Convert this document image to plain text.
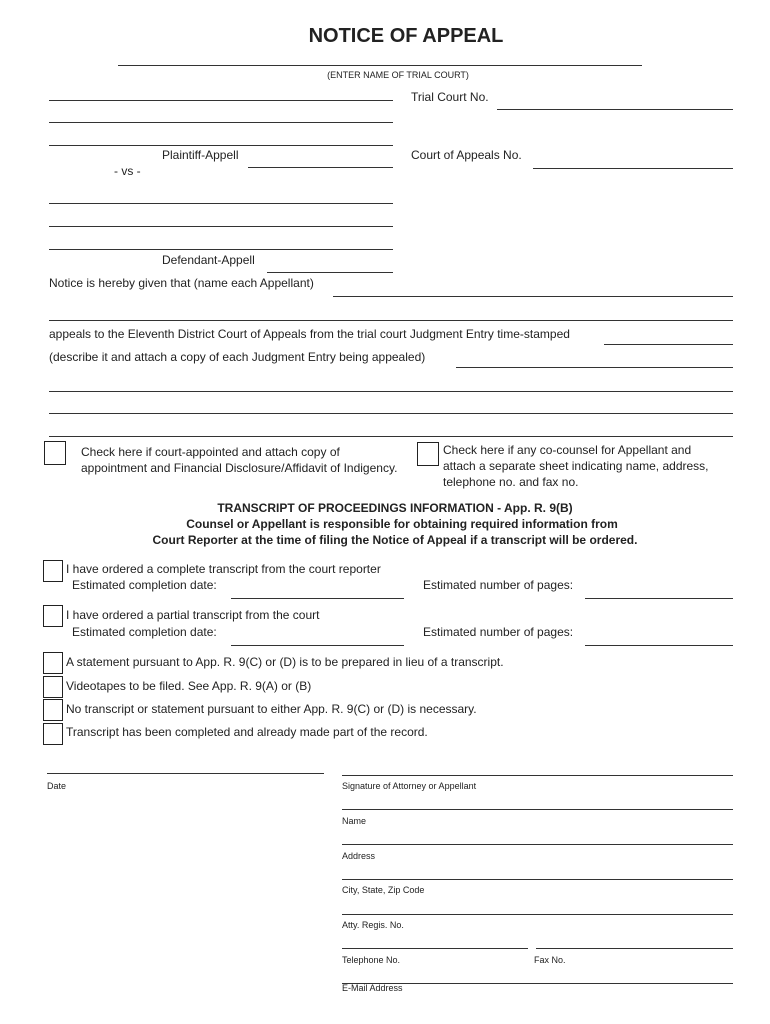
NOTICE OF APPEAL
(ENTER NAME OF TRIAL COURT)
Trial Court No.
Plaintiff-Appell
- vs -
Court of Appeals No.
Defendant-Appell
Notice is hereby given that (name each Appellant)
appeals to the Eleventh District Court of Appeals from the trial court Judgment Entry time-stamped
(describe it and attach a copy of each Judgment Entry being appealed)
Check here if court-appointed and attach copy of
appointment and Financial Disclosure/Affidavit of Indigency.
Check here if any co-counsel for Appellant and
attach a separate sheet indicating name, address,
telephone no. and fax no.
TRANSCRIPT OF PROCEEDINGS INFORMATION - App. R. 9(B)
Counsel or Appellant is responsible for obtaining required information from
Court Reporter at the time of filing the Notice of Appeal if a transcript will be ordered.
I have ordered a complete transcript from the court reporter
Estimated completion date:	Estimated number of pages:
I have ordered a partial transcript from the court
Estimated completion date:	Estimated number of pages:
A statement pursuant to App. R. 9(C) or (D) is to be prepared in lieu of a transcript.
Videotapes to be filed. See App. R. 9(A) or (B)
No transcript or statement pursuant to either App. R. 9(C) or (D) is necessary.
Transcript has been completed and already made part of the record.
Date	Signature of Attorney or Appellant
Name
Address
City, State, Zip Code
Atty. Regis. No.
Telephone No.	Fax No.
E-Mail Address
